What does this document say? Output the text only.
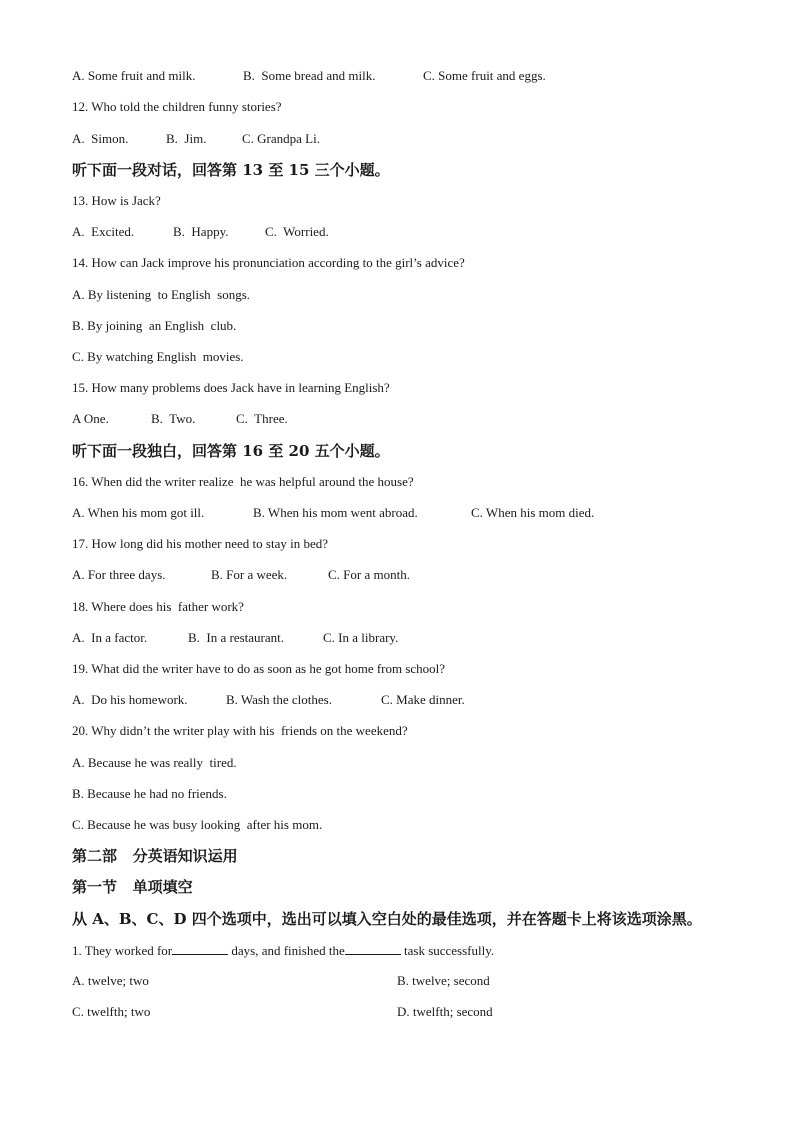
A. Some fruit and milk.	B.  Some bread and milk.	C. Some fruit and eggs.
12. Who told the children funny stories?
A.  Simon.	B.  Jim.	C. Grandpa Li.
听下面一段对话，回答第 13 至 15 三个小题。
13. How is Jack?
A.  Excited.	B.  Happy.	C.  Worried.
14. How can Jack improve his pronunciation according to the girl’s advice?
A. By listening  to English  songs.
B. By joining  an English  club.
C. By watching English  movies.
15. How many problems does Jack have in learning English?
A One.	B.  Two.	C.  Three.
听下面一段独白，回答第 16 至 20 五个小题。
16. When did the writer realize  he was helpful around the house?
A. When his mom got ill.	B. When his mom went abroad.	C. When his mom died.
17. How long did his mother need to stay in bed?
A. For three days.	B. For a week.	C. For a month.
18. Where does his  father work?
A.  In a factor.	B.  In a restaurant.	C. In a library.
19. What did the writer have to do as soon as he got home from school?
A.  Do his homework.	B. Wash the clothes.	C. Make dinner.
20. Why didn’t the writer play with his  friends on the weekend?
A. Because he was really  tired.
B. Because he had no friends.
C. Because he was busy looking  after his mom.
第二部   分英语知识运用
第一节   单项填空
从 A、B、C、D 四个选项中，选出可以填入空白处的最佳选项，并在答题卡上将该选项涂黑。
1. They worked for	days, and finished the	task successfully.
A. twelve; two	B. twelve; second
C. twelfth; two	D. twelfth; second
